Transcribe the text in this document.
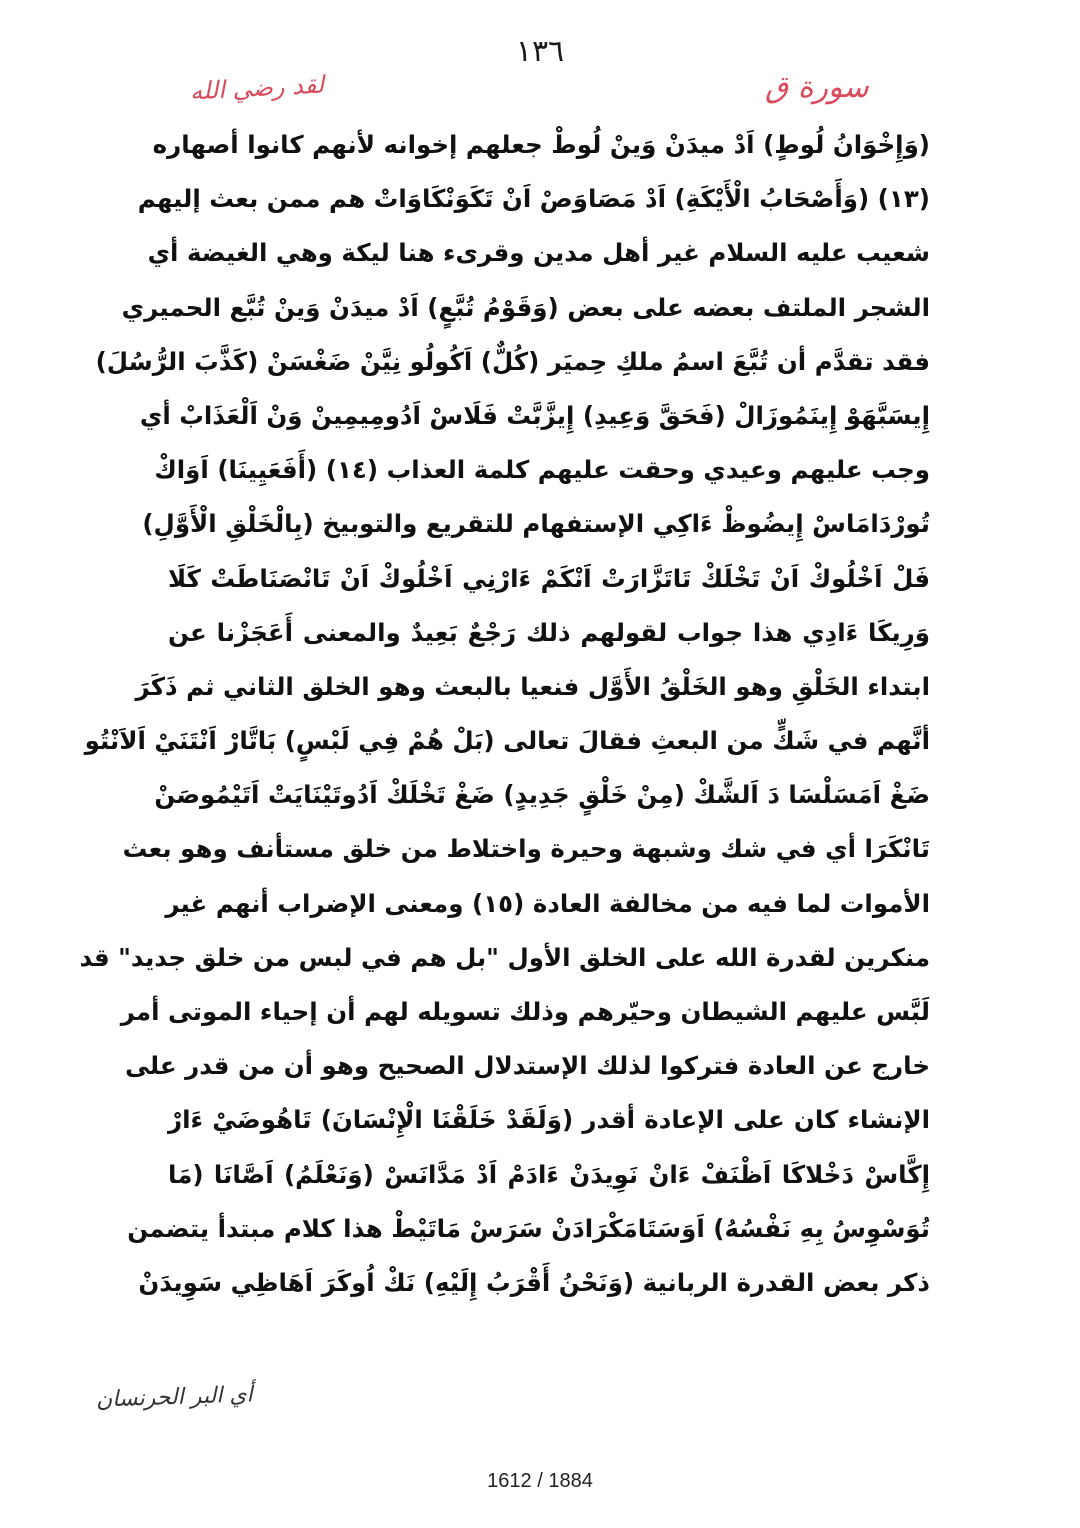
١٣٦
لقد رضي الله	سورة ق
(وَإِخْوَانُ لُوطٍ) اَدْ ميدَنْ وَينْ لُوطْ جعلهم إخوانه لأنهم كانوا أصهاره
(١٣) (وَأَصْحَابُ الْأَيْكَةِ) اَدْ مَصَاوَصْ اَنْ تَكَوَنْكَاوَاتْ هم ممن بعث إليهم
شعيب عليه السلام غير أهل مدين وقرىء هنا ليكة وهي الغيضة أي
الشجر الملتف بعضه على بعض (وَقَوْمُ تُبَّعٍ) اَدْ ميدَنْ وَينْ تُبَّع الحميري
فقد تقدَّم أن تُبَّعَ اسمُ ملكِ حِميَر (كُلٌّ) اَكُولُو نِيَّنْ ضَغْسَنْ (كَذَّبَ الرُّسُلَ)
إِيسَبَّهَوْ إِينَمُوزَالْ (فَحَقَّ وَعِيدِ) إِيزَّبَّتْ فَلَاسْ اَدُومِيمِينْ وَنْ اَلْعَذَابْ أي
وجب عليهم وعيدي وحقت عليهم كلمة العذاب (١٤) (أَفَعَيِينَا) اَوَاكْ
تُورْدَامَاسْ إِيضُوظْ ءَاكِي الإستفهام للتقريع والتوبيخ (بِالْخَلْقِ الْأَوَّلِ)
فَلْ اَخْلُوكْ اَنْ تَخْلَكْ تَاتَزَّارَتْ اَنْكَمْ ءَارْنِي اَخْلُوكْ اَنْ تَانْصَنَاطَتْ كَلَا
وَرِيكَا ءَادِي هذا جواب لقولهم ذلك رَجْعٌ بَعِيدٌ والمعنى أَعَجَزْنا عن
ابتداء الخَلْقِ وهو الخَلْقُ الأَوَّل فنعيا بالبعث وهو الخلق الثاني ثم ذَكَرَ
أنَّهم في شَكٍّ من البعثِ فقالَ تعالى (بَلْ هُمْ فِي لَبْسٍ) بَاتَّارْ اَنْتَنَيْ اَلاَنْتُو
ضَغْ اَمَسَلْسَا دَ اَلشَّكْ (مِنْ خَلْقٍ جَدِيدٍ) ضَغْ تَخْلَكْ اَدُوتَيْنَايَتْ اَتَيْمُوصَنْ
تَانْكَرَا أي في شك وشبهة وحيرة واختلاط من خلق مستأنف وهو بعث
الأموات لما فيه من مخالفة العادة (١٥) ومعنى الإضراب أنهم غير
منكرين لقدرة الله على الخلق الأول "بل هم في لبس من خلق جديد" قد
لَبَّس عليهم الشيطان وحيّرهم وذلك تسويله لهم أن إحياء الموتى أمر
خارج عن العادة فتركوا لذلك الإستدلال الصحيح وهو أن من قدر على
الإنشاء كان على الإعادة أقدر (وَلَقَدْ خَلَقْنَا الْإِنْسَانَ) تَاهُوضَيْ ءَارْ
إِكَّاسْ دَخْلاكَا اَظْنَفْ ءَانْ نَوِيدَنْ ءَادَمْ اَدْ مَدَّانَسْ (وَنَعْلَمُ) اَصَّانَا (مَا
تُوَسْوِسُ بِهِ نَفْسُهُ) اَوَسَتَامَكْرَادَنْ سَرَسْ مَاتَيْطْ هذا كلام مبتدأ يتضمن
ذكر بعض القدرة الربانية (وَنَحْنُ أَقْرَبُ إِلَيْهِ) نَكْ اُوكَرَ اَهَاظِي سَوِيدَنْ
أي البر الحرنسان
1612 / 1884
